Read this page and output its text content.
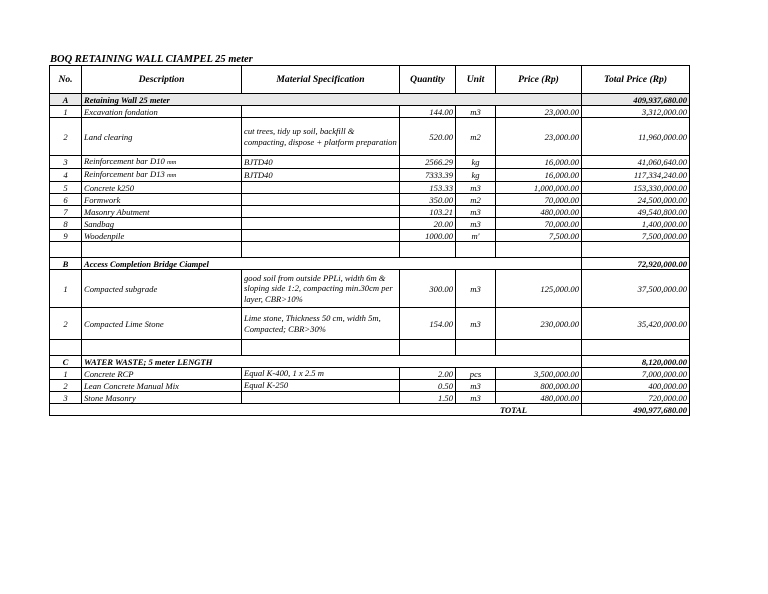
BOQ RETAINING WALL CIAMPEL 25 meter
No.	Description	Material Specification	Quantity	Unit	Price (Rp)	Total Price (Rp)
A	Retaining Wall 25 meter					409,937,680.00
1	Excavation fondation		144.00	m3	23,000.00	3,312,000.00
2	Land clearing	cut trees, tidy up soil, backfill & compacting, dispose + platform preparation	520.00	m2	23,000.00	11,960,000.00
3	Reinforcement bar D10 mm	BJTD40	2566.29	kg	16,000.00	41,060,640.00
4	Reinforcement bar D13 mm	BJTD40	7333.39	kg	16,000.00	117,334,240.00
5	Concrete k250		153.33	m3	1,000,000.00	153,330,000.00
6	Formwork		350.00	m2	70,000.00	24,500,000.00
7	Masonry Abutment		103.21	m3	480,000.00	49,540,800.00
8	Sandbag		20.00	m3	70,000.00	1,400,000.00
9	Woodenpile		1000.00	m'	7,500.00	7,500,000.00

B	Access Completion Bridge Ciampel					72,920,000.00
1	Compacted subgrade	good soil from outside PPLi, width 6m & sloping side 1:2, compacting min.30cm per layer, CBR>10%	300.00	m3	125,000.00	37,500,000.00
2	Compacted Lime Stone	Lime stone, Thickness 50 cm, width 5m, Compacted; CBR>30%	154.00	m3	230,000.00	35,420,000.00

C	WATER WASTE; 5 meter LENGTH					8,120,000.00
1	Concrete RCP	Equal K-400, 1 x 2.5 m	2.00	pcs	3,500,000.00	7,000,000.00
2	Lean Concrete Manual Mix	Equal K-250	0.50	m3	800,000.00	400,000.00
3	Stone Masonry		1.50	m3	480,000.00	720,000.00
TOTAL						490,977,680.00
